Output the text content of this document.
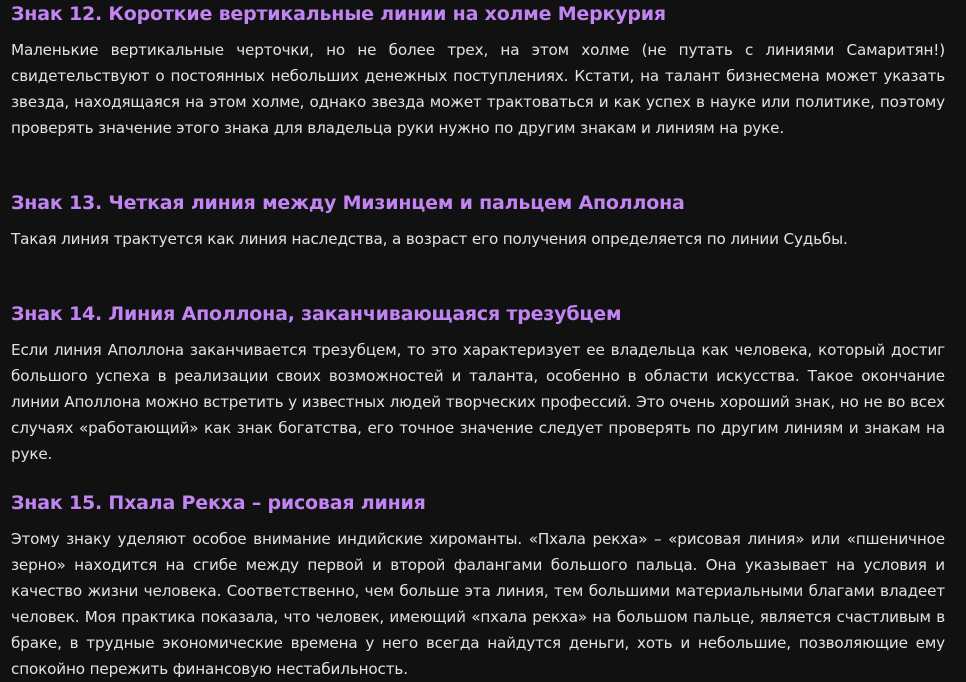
Знак 12. Короткие вертикальные линии на холме Меркурия

Маленькие вертикальные черточки, но не более трех, на этом холме (не путать с линиями Самаритян!) свидетельствуют о постоянных небольших денежных поступлениях. Кстати, на талант бизнесмена может указать звезда, находящаяся на этом холме, однако звезда может трактоваться и как успех в науке или политике, поэтому проверять значение этого знака для владельца руки нужно по другим знакам и линиям на руке.

Знак 13. Четкая линия между Мизинцем и пальцем Аполлона

Такая линия трактуется как линия наследства, а возраст его получения определяется по линии Судьбы.

Знак 14. Линия Аполлона, заканчивающаяся трезубцем

Если линия Аполлона заканчивается трезубцем, то это характеризует ее владельца как человека, который достиг большого успеха в реализации своих возможностей и таланта, особенно в области искусства. Такое окончание линии Аполлона можно встретить у известных людей творческих профессий. Это очень хороший знак, но не во всех случаях «работающий» как знак богатства, его точное значение следует проверять по другим линиям и знакам на руке.

Знак 15. Пхала Рекха – рисовая линия

Этому знаку уделяют особое внимание индийские хироманты. «Пхала рекха» – «рисовая линия» или «пшеничное зерно» находится на сгибе между первой и второй фалангами большого пальца. Она указывает на условия и качество жизни человека. Соответственно, чем больше эта линия, тем большими материальными благами владеет человек. Моя практика показала, что человек, имеющий «пхала рекха» на большом пальце, является счастливым в браке, в трудные экономические времена у него всегда найдутся деньги, хоть и небольшие, позволяющие ему спокойно пережить финансовую нестабильность.
